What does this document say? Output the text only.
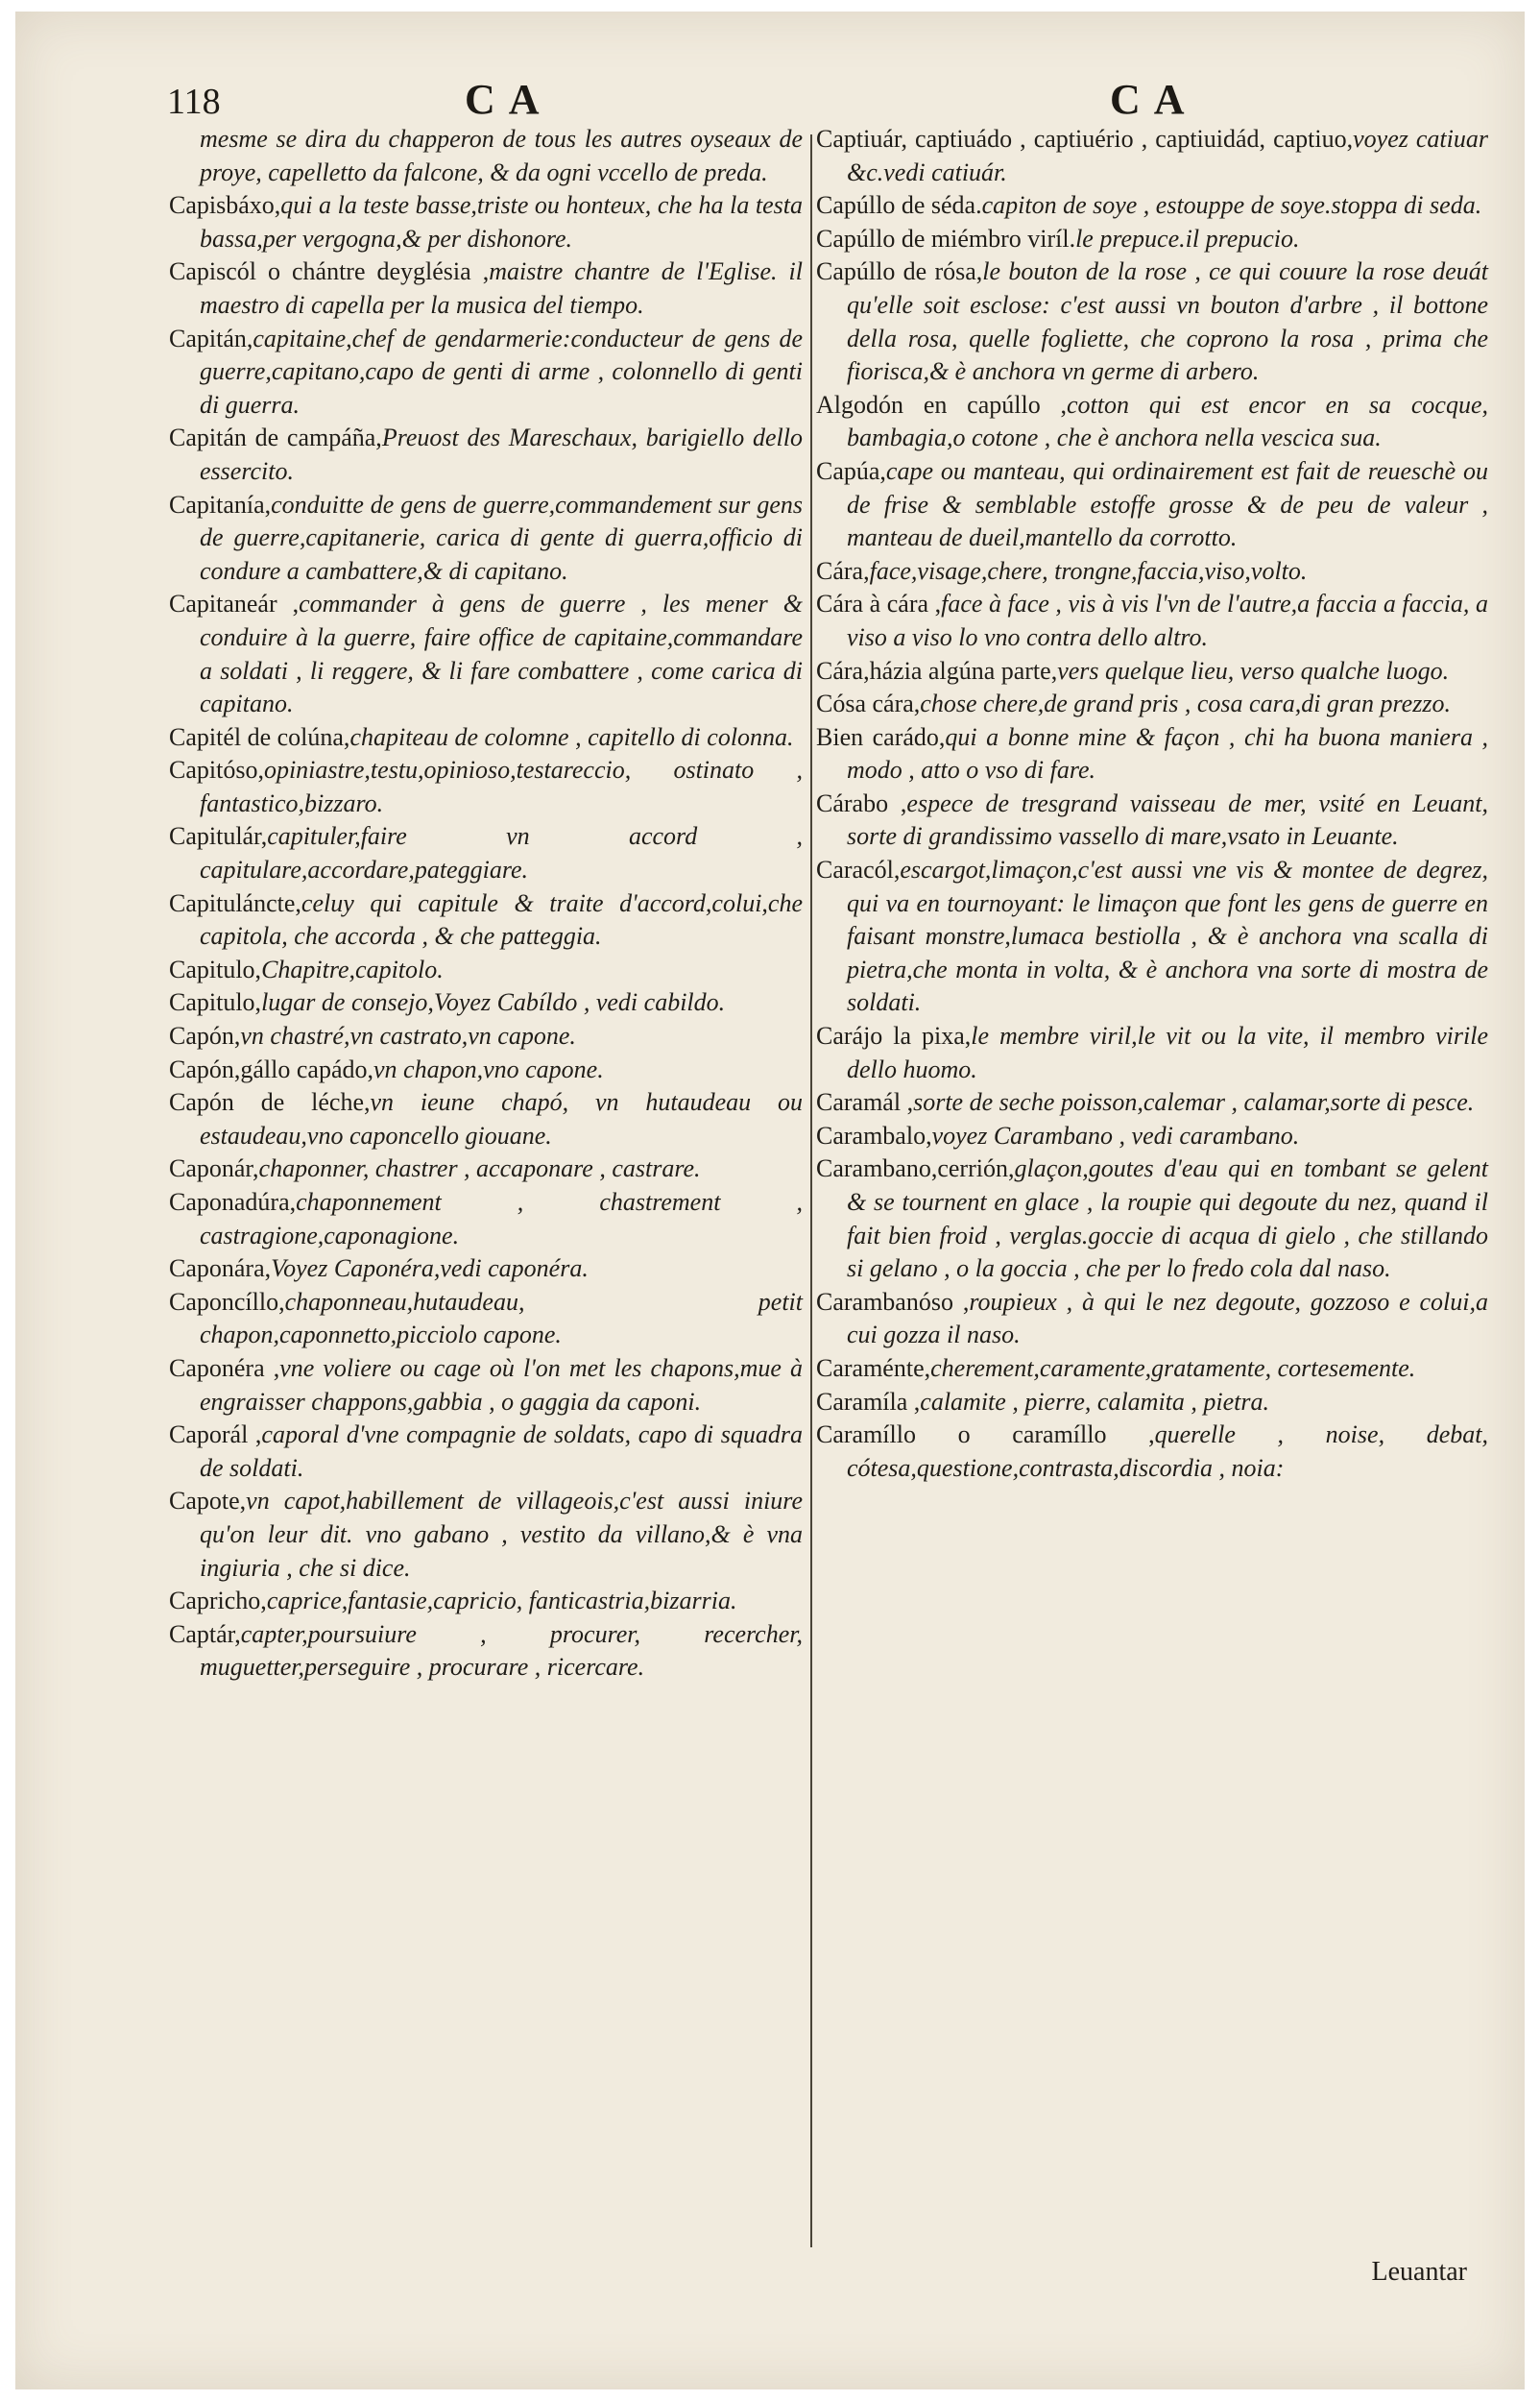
118	CA	CA

mesme se dira du chapperon de tous les autres oyseaux de proye, capelletto da falcone, & da ogni vccello de preda.

Capisbáxo,qui a la teste basse,triste ou honteux, che ha la testa bassa,per vergogna,& per dishonore.

Capiscól o chántre deyglésia ,maistre chantre de l'Eglise. il maestro di capella per la musica del tiempo.

Capitán,capitaine,chef de gendarmerie:conducteur de gens de guerre,capitano,capo de genti di arme , colonnello di genti di guerra.

Capitán de campáña,Preuost des Mareschaux, barigiello dello essercito.

Capitanía,conduitte de gens de guerre,commandement sur gens de guerre,capitanerie, carica di gente di guerra,officio di condure a cambattere,& di capitano.

Capitaneár ,commander à gens de guerre , les mener & conduire à la guerre, faire office de capitaine,commandare a soldati , li reggere, & li fare combattere , come carica di capitano.

Capitél de colúna,chapiteau de colomne , capitello di colonna.

Capitóso,opiniastre,testu,opinioso,testareccio, ostinato , fantastico,bizzaro.

Capitulár,capituler,faire vn accord , capitulare,accordare,pateggiare.

Capituláncte,celuy qui capitule & traite d'accord,colui,che capitola, che accorda , & che patteggia.

Capitulo,Chapitre,capitolo.

Capitulo,lugar de consejo,Voyez Cabíldo , vedi cabildo.

Capón,vn chastré,vn castrato,vn capone.

Capón,gállo capádo,vn chapon,vno capone.

Capón de léche,vn ieune chapó, vn hutaudeau ou estaudeau,vno caponcello giouane.

Caponár,chaponner, chastrer , accaponare , castrare.

Caponadúra,chaponnement , chastrement , castragione,caponagione.

Caponára,Voyez Caponéra,vedi caponéra.

Caponcíllo,chaponneau,hutaudeau, petit chapon,caponnetto,picciolo capone.

Caponéra ,vne voliere ou cage où l'on met les chapons,mue à engraisser chappons,gabbia , o gaggia da caponi.

Caporál ,caporal d'vne compagnie de soldats, capo di squadra de soldati.

Capote,vn capot,habillement de villageois,c'est aussi iniure qu'on leur dit. vno gabano , vestito da villano,& è vna ingiuria , che si dice.

Capricho,caprice,fantasie,capricio, fanticastria,bizarria.

Captár,capter,poursuiure , procurer, recercher, muguetter,perseguire , procurare , ricercare.

Captiuár, captiuádo , captiuério , captiuidád, captiuo,voyez catiuar &c.vedi catiuár.

Capúllo de séda.capiton de soye , estouppe de soye.stoppa di seda.

Capúllo de miémbro viríl.le prepuce.il prepucio.

Capúllo de rósa,le bouton de la rose , ce qui couure la rose deuát qu'elle soit esclose: c'est aussi vn bouton d'arbre , il bottone della rosa, quelle fogliette, che coprono la rosa , prima che fiorisca,& è anchora vn germe di arbero.

Algodón en capúllo ,cotton qui est encor en sa cocque, bambagia,o cotone , che è anchora nella vescica sua.

Capúa,cape ou manteau, qui ordinairement est fait de reueschè ou de frise & semblable estoffe grosse & de peu de valeur , manteau de dueil,mantello da corrotto.

Cára,face,visage,chere, trongne,faccia,viso,volto.

Cára à cára ,face à face , vis à vis l'vn de l'autre,a faccia a faccia, a viso a viso lo vno contra dello altro.

Cára,házia algúna parte,vers quelque lieu, verso qualche luogo.

Cósa cára,chose chere,de grand pris , cosa cara,di gran prezzo.

Bien carádo,qui a bonne mine & façon , chi ha buona maniera , modo , atto o vso di fare.

Cárabo ,espece de tresgrand vaisseau de mer, vsité en Leuant, sorte di grandissimo vassello di mare,vsato in Leuante.

Caracól,escargot,limaçon,c'est aussi vne vis & montee de degrez, qui va en tournoyant: le limaçon que font les gens de guerre en faisant monstre,lumaca bestiolla , & è anchora vna scalla di pietra,che monta in volta, & è anchora vna sorte di mostra de soldati.

Carájo la pixa,le membre viril,le vit ou la vite, il membro virile dello huomo.

Caramál ,sorte de seche poisson,calemar , calamar,sorte di pesce.

Carambalo,voyez Carambano , vedi carambano.

Carambano,cerrión,glaçon,goutes d'eau qui en tombant se gelent & se tournent en glace , la roupie qui degoute du nez, quand il fait bien froid , verglas.goccie di acqua di gielo , che stillando si gelano , o la goccia , che per lo fredo cola dal naso.

Carambanóso ,roupieux , à qui le nez degoute, gozzoso e colui,a cui gozza il naso.

Caraménte,cherement,caramente,gratamente, cortesemente.

Caramíla ,calamite , pierre, calamita , pietra.

Caramíllo o caramíllo ,querelle , noise, debat, cótesa,questione,contrasta,discordia , noia:

Leuantar
